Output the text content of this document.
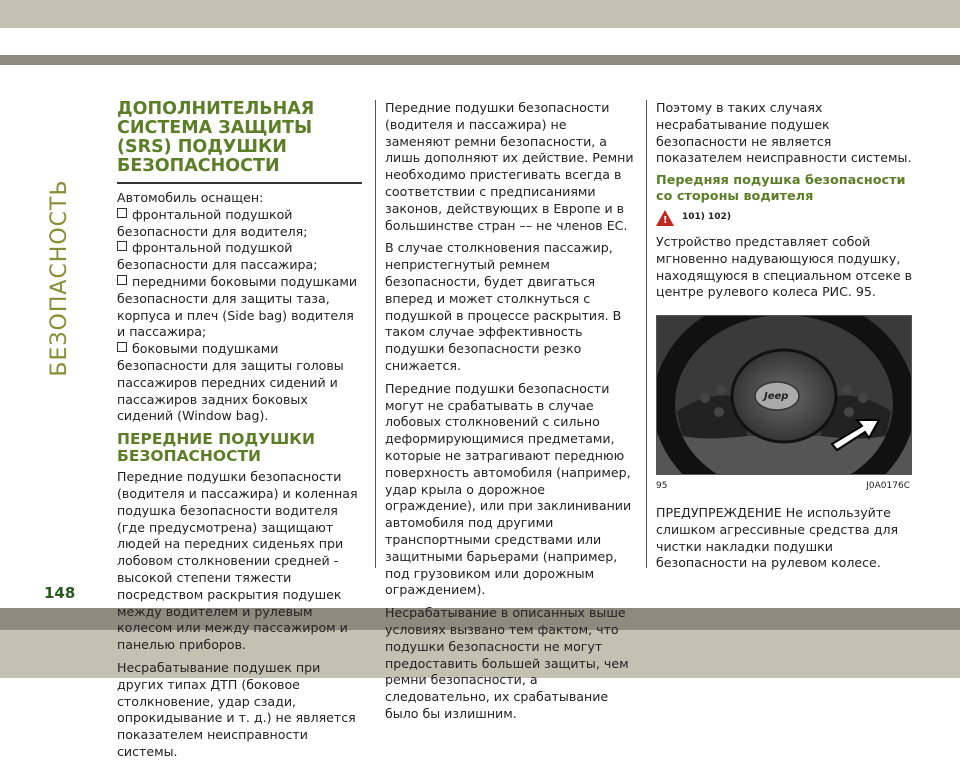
БЕЗОПАСНОСТЬ
ДОПОЛНИТЕЛЬНАЯ СИСТЕМА ЗАЩИТЫ (SRS) ПОДУШКИ БЕЗОПАСНОСТИ

Автомобиль оснащен:

фронтальной подушкой безопасности для водителя;

фронтальной подушкой безопасности для пассажира;

передними боковыми подушками безопасности для защиты таза, корпуса и плеч (Side bag) водителя и пассажира;

боковыми подушками безопасности для защиты головы пассажиров передних сидений и пассажиров задних боковых сидений (Window bag).

ПЕРЕДНИЕ ПОДУШКИ БЕЗОПАСНОСТИ

Передние подушки безопасности (водителя и пассажира) и коленная подушка безопасности водителя (где предусмотрена) защищают людей на передних сиденьях при лобовом столкновении средней - высокой степени тяжести посредством раскрытия подушек между водителем и рулевым колесом или между пассажиром и панелью приборов.

Несрабатывание подушек при других типах ДТП (боковое столкновение, удар сзади, опрокидывание и т. д.) не является показателем неисправности системы.

Передние подушки безопасности (водителя и пассажира) не заменяют ремни безопасности, а лишь дополняют их действие. Ремни необходимо пристегивать всегда в соответствии с предписаниями законов, действующих в Европе и в большинстве стран –– не членов ЕС.

В случае столкновения пассажир, непристегнутый ремнем безопасности, будет двигаться вперед и может столкнуться с подушкой в процессе раскрытия. В таком случае эффективность подушки безопасности резко снижается.

Передние подушки безопасности могут не срабатывать в случае лобовых столкновений с сильно деформирующимися предметами, которые не затрагивают переднюю поверхность автомобиля (например, удар крыла о дорожное ограждение), или при заклинивании автомобиля под другими транспортными средствами или защитными барьерами (например, под грузовиком или дорожным ограждением).

Несрабатывание в описанных выше условиях вызвано тем фактом, что подушки безопасности не могут предоставить большей защиты, чем ремни безопасности, а следовательно, их срабатывание было бы излишним.

Поэтому в таких случаях несрабатывание подушек безопасности не является показателем неисправности системы.

Передняя подушка безопасности со стороны водителя
!
101) 102)

Устройство представляет собой мгновенно надувающуюся подушку, находящуюся в специальном отсеке в центре рулевого колеса РИС. 95.

Jeep
95	J0A0176C

ПРЕДУПРЕЖДЕНИЕ Не используйте слишком агрессивные средства для чистки накладки подушки безопасности на рулевом колесе.

148
